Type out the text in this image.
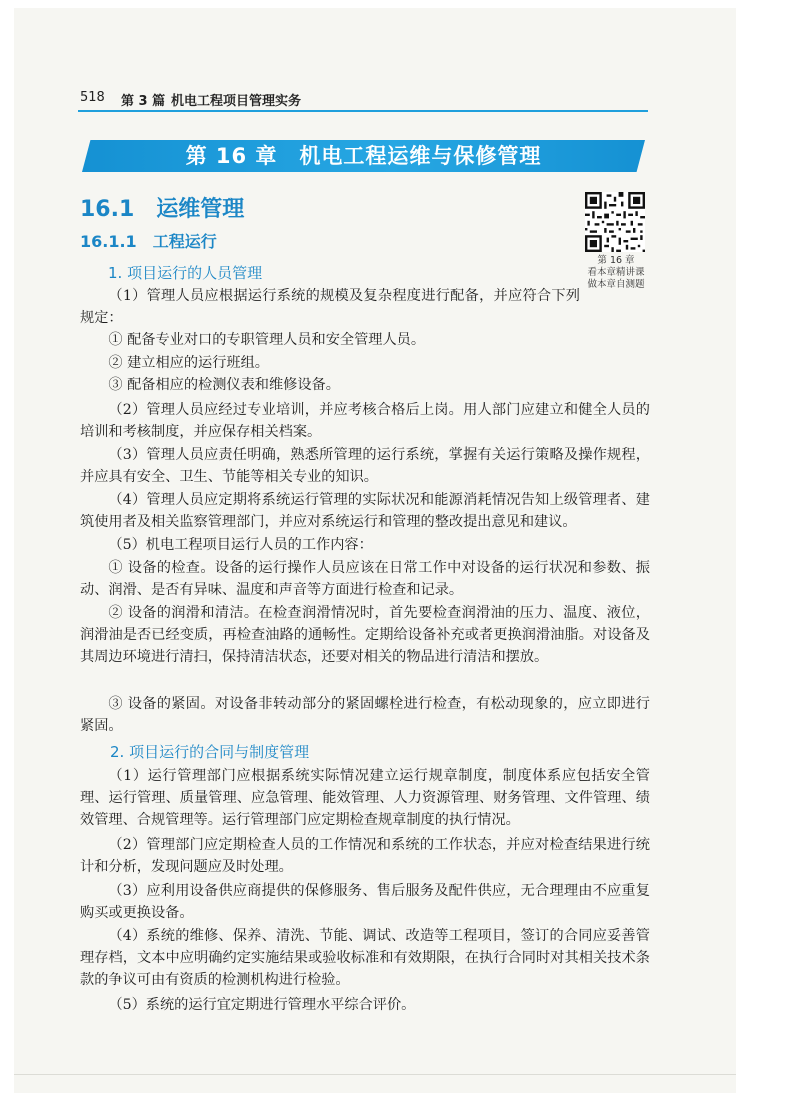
518 第 3 篇 机电工程项目管理实务
第 16 章　机电工程运维与保修管理
16.1　运维管理
16.1.1　工程运行
第 16 章
看本章精讲课
做本章自测题
1. 项目运行的人员管理
（1）管理人员应根据运行系统的规模及复杂程度进行配备，并应符合下列规定：
① 配备专业对口的专职管理人员和安全管理人员。
② 建立相应的运行班组。
③ 配备相应的检测仪表和维修设备。
（2）管理人员应经过专业培训，并应考核合格后上岗。用人部门应建立和健全人员的培训和考核制度，并应保存相关档案。
（3）管理人员应责任明确，熟悉所管理的运行系统，掌握有关运行策略及操作规程，并应具有安全、卫生、节能等相关专业的知识。
（4）管理人员应定期将系统运行管理的实际状况和能源消耗情况告知上级管理者、建筑使用者及相关监察管理部门，并应对系统运行和管理的整改提出意见和建议。
（5）机电工程项目运行人员的工作内容：
① 设备的检查。设备的运行操作人员应该在日常工作中对设备的运行状况和参数、振动、润滑、是否有异味、温度和声音等方面进行检查和记录。
② 设备的润滑和清洁。在检查润滑情况时，首先要检查润滑油的压力、温度、液位，润滑油是否已经变质，再检查油路的通畅性。定期给设备补充或者更换润滑油脂。对设备及其周边环境进行清扫，保持清洁状态，还要对相关的物品进行清洁和摆放。
③ 设备的紧固。对设备非转动部分的紧固螺栓进行检查，有松动现象的，应立即进行紧固。
2. 项目运行的合同与制度管理
（1）运行管理部门应根据系统实际情况建立运行规章制度，制度体系应包括安全管理、运行管理、质量管理、应急管理、能效管理、人力资源管理、财务管理、文件管理、绩效管理、合规管理等。运行管理部门应定期检查规章制度的执行情况。
（2）管理部门应定期检查人员的工作情况和系统的工作状态，并应对检查结果进行统计和分析，发现问题应及时处理。
（3）应利用设备供应商提供的保修服务、售后服务及配件供应，无合理理由不应重复购买或更换设备。
（4）系统的维修、保养、清洗、节能、调试、改造等工程项目，签订的合同应妥善管理存档，文本中应明确约定实施结果或验收标准和有效期限，在执行合同时对其相关技术条款的争议可由有资质的检测机构进行检验。
（5）系统的运行宜定期进行管理水平综合评价。
